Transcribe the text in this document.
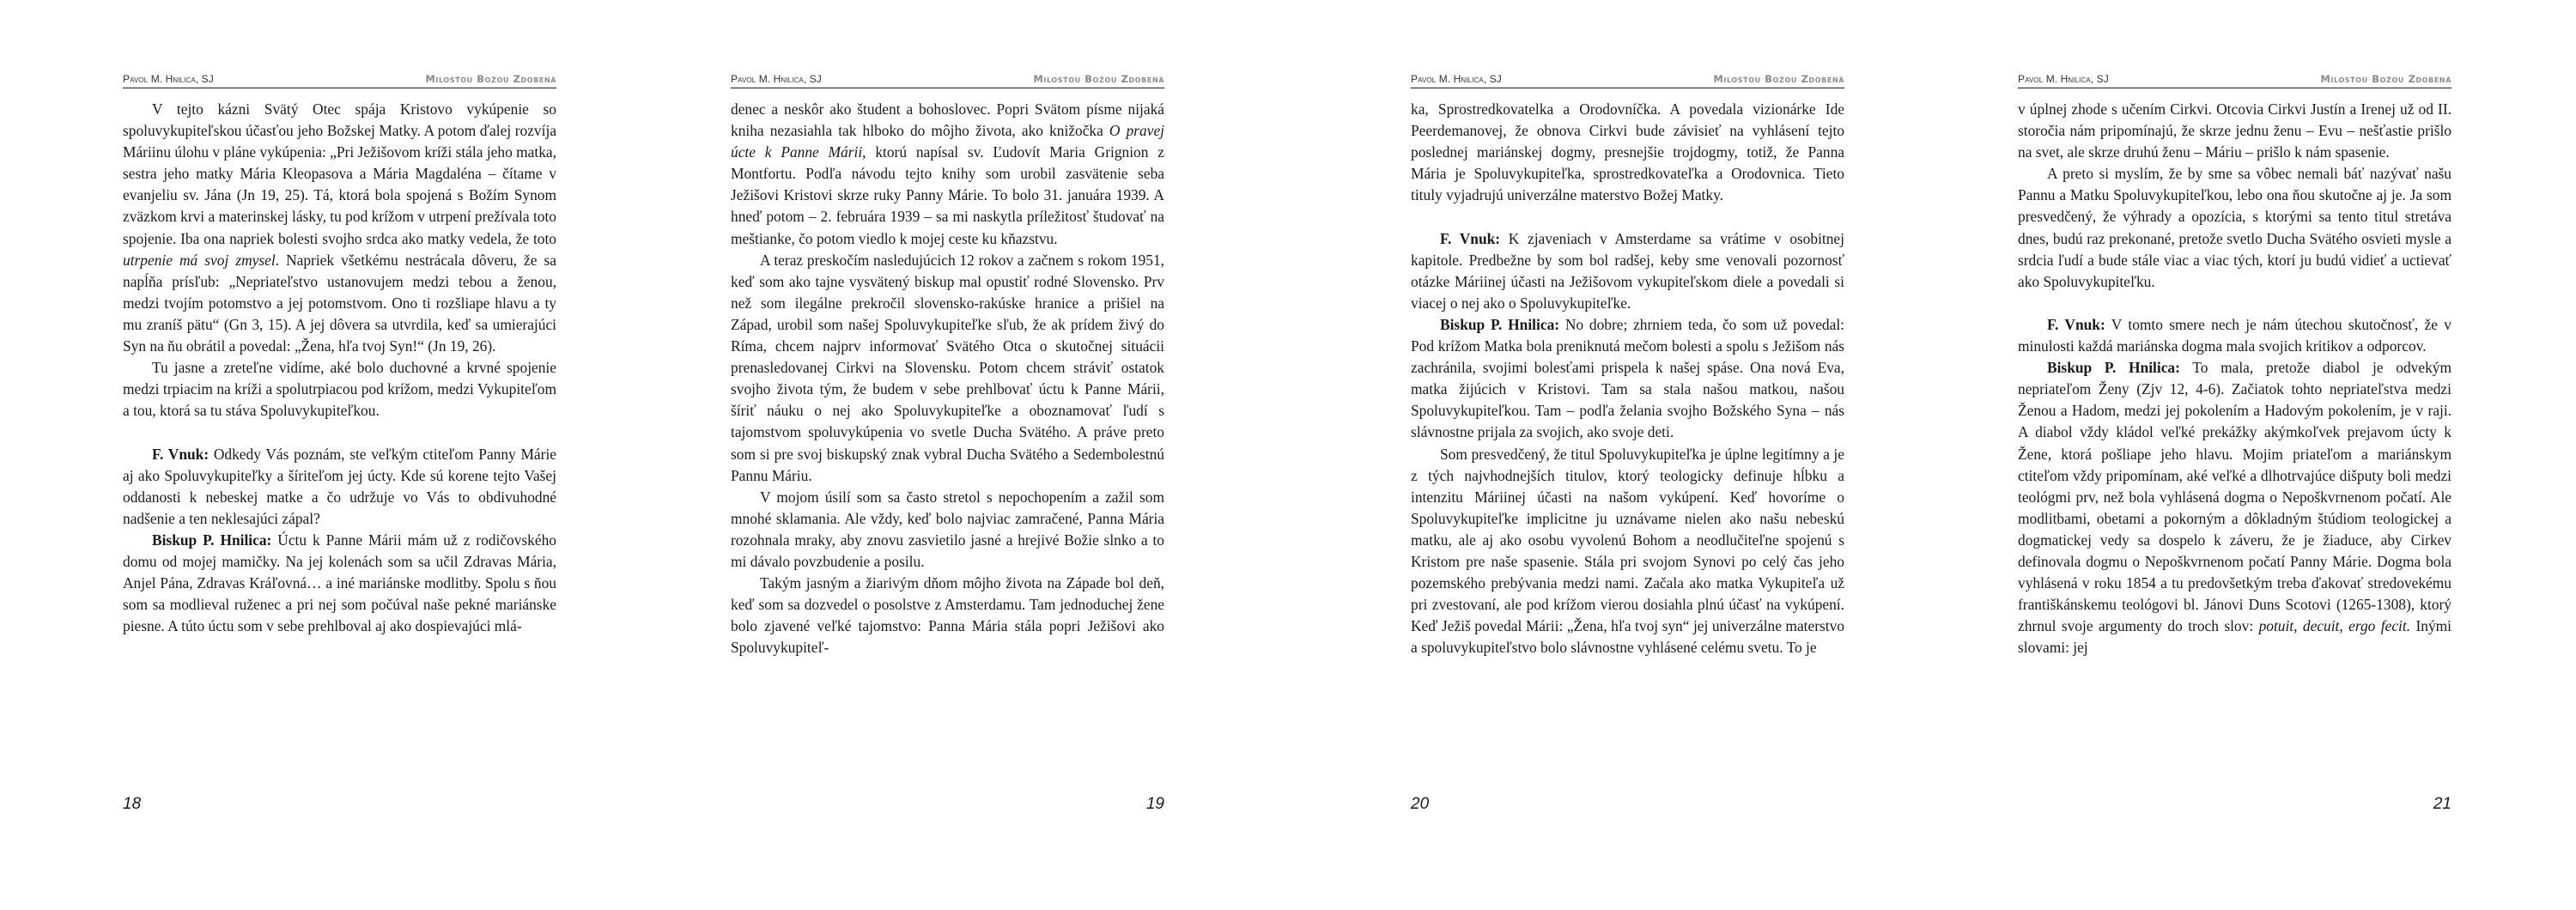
Pavol M. Hnilica, SJ	Milosťou Božou Zdobená

V tejto kázni Svätý Otec spája Kristovo vykúpenie so spoluvykupiteľskou účasťou jeho Božskej Matky. A potom ďalej rozvíja Máriinu úlohu v pláne vykúpenia: „Pri Ježišovom kríži stála jeho matka, sestra jeho matky Mária Kleopasova a Mária Magdaléna – čítame v evanjeliu sv. Jána (Jn 19, 25). Tá, ktorá bola spojená s Božím Synom zväzkom krvi a materinskej lásky, tu pod krížom v utrpení prežívala toto spojenie. Iba ona napriek bolesti svojho srdca ako matky vedela, že toto utrpenie má svoj zmysel. Napriek všetkému nestrácala dôveru, že sa napĺňa prísľub: „Nepriateľstvo ustanovujem medzi tebou a ženou, medzi tvojím potomstvo a jej potomstvom. Ono ti rozšliape hlavu a ty mu zraníš pätu“ (Gn 3, 15). A jej dôvera sa utvrdila, keď sa umierajúci Syn na ňu obrátil a povedal: „Žena, hľa tvoj Syn!“ (Jn 19, 26).

Tu jasne a zreteľne vidíme, aké bolo duchovné a krvné spojenie medzi trpiacim na kríži a spolutrpiacou pod krížom, medzi Vykupiteľom a tou, ktorá sa tu stáva Spoluvykupiteľkou.

F. Vnuk: Odkedy Vás poznám, ste veľkým ctiteľom Panny Márie aj ako Spoluvykupiteľky a šíriteľom jej úcty. Kde sú korene tejto Vašej oddanosti k nebeskej matke a čo udržuje vo Vás to obdivuhodné nadšenie a ten neklesajúci zápal?

Biskup P. Hnilica: Úctu k Panne Márii mám už z rodičovského domu od mojej mamičky. Na jej kolenách som sa učil Zdravas Mária, Anjel Pána, Zdravas Kráľovná… a iné mariánske modlitby. Spolu s ňou som sa modlieval ruženec a pri nej som počúval naše pekné mariánske piesne. A túto úctu som v sebe prehlboval aj ako dospievajúci mlá-

18
Pavol M. Hnilica, SJ	Milosťou Božou Zdobená

denec a neskôr ako študent a bohoslovec. Popri Svätom písme nijaká kniha nezasiahla tak hlboko do môjho života, ako knižočka O pravej úcte k Panne Márii, ktorú napísal sv. Ľudovít Maria Grignion z Montfortu. Podľa návodu tejto knihy som urobil zasvätenie seba Ježišovi Kristovi skrze ruky Panny Márie. To bolo 31. januára 1939. A hneď potom – 2. februára 1939 – sa mi naskytla príležitosť študovať na meštianke, čo potom viedlo k mojej ceste ku kňazstvu.

A teraz preskočím nasledujúcich 12 rokov a začnem s rokom 1951, keď som ako tajne vysvätený biskup mal opustiť rodné Slovensko. Prv než som ilegálne prekročil slovensko-rakúske hranice a prišiel na Západ, urobil som našej Spoluvykupiteľke sľub, že ak prídem živý do Ríma, chcem najprv informovať Svätého Otca o skutočnej situácii prenasledovanej Cirkvi na Slovensku. Potom chcem stráviť ostatok svojho života tým, že budem v sebe prehlbovať úctu k Panne Márii, šíriť náuku o nej ako Spoluvykupiteľke a oboznamovať ľudí s tajomstvom spoluvykúpenia vo svetle Ducha Svätého. A práve preto som si pre svoj biskupský znak vybral Ducha Svätého a Sedembolestnú Pannu Máriu.

V mojom úsilí som sa často stretol s nepochopením a zažil som mnohé sklamania. Ale vždy, keď bolo najviac zamračené, Panna Mária rozohnala mraky, aby znovu zasvietilo jasné a hrejivé Božie slnko a to mi dávalo povzbudenie a posilu.

Takým jasným a žiarivým dňom môjho života na Západe bol deň, keď som sa dozvedel o posolstve z Amsterdamu. Tam jednoduchej žene bolo zjavené veľké tajomstvo: Panna Mária stála popri Ježišovi ako Spoluvykupiteľ-

19
Pavol M. Hnilica, SJ	Milosťou Božou Zdobená

ka, Sprostredkovatelka a Orodovníčka. A povedala vizionárke Ide Peerdemanovej, že obnova Cirkvi bude závisieť na vyhlásení tejto poslednej mariánskej dogmy, presnejšie trojdogmy, totiž, že Panna Mária je Spoluvykupiteľka, sprostredkovateľka a Orodovnica. Tieto tituly vyjadrujú univerzálne materstvo Božej Matky.

F. Vnuk: K zjaveniach v Amsterdame sa vrátime v osobitnej kapitole. Predbežne by som bol radšej, keby sme venovali pozornosť otázke Máriinej účasti na Ježišovom vykupiteľskom diele a povedali si viacej o nej ako o Spoluvykupiteľke.

Biskup P. Hnilica: No dobre; zhrniem teda, čo som už povedal: Pod krížom Matka bola preniknutá mečom bolesti a spolu s Ježišom nás zachránila, svojimi bolesťami prispela k našej spáse. Ona nová Eva, matka žijúcich v Kristovi. Tam sa stala našou matkou, našou Spoluvykupiteľkou. Tam – podľa želania svojho Božského Syna – nás slávnostne prijala za svojich, ako svoje deti.

Som presvedčený, že titul Spoluvykupiteľka je úplne legitímny a je z tých najvhodnejších titulov, ktorý teologicky definuje hĺbku a intenzitu Máriinej účasti na našom vykúpení. Keď hovoríme o Spoluvykupiteľke implicitne ju uznávame nielen ako našu nebeskú matku, ale aj ako osobu vyvolenú Bohom a neodlučiteľne spojenú s Kristom pre naše spasenie. Stála pri svojom Synovi po celý čas jeho pozemského prebývania medzi nami. Začala ako matka Vykupiteľa už pri zvestovaní, ale pod krížom vierou dosiahla plnú účasť na vykúpení. Keď Ježiš povedal Márii: „Žena, hľa tvoj syn“ jej univerzálne materstvo a spoluvykupiteľstvo bolo slávnostne vyhlásené celému svetu. To je

20
Pavol M. Hnilica, SJ	Milosťou Božou Zdobená

v úplnej zhode s učením Cirkvi. Otcovia Cirkvi Justín a Irenej už od II. storočia nám pripomínajú, že skrze jednu ženu – Evu – nešťastie prišlo na svet, ale skrze druhú ženu – Máriu – prišlo k nám spasenie.

A preto si myslím, že by sme sa vôbec nemali báť nazývať našu Pannu a Matku Spoluvykupiteľkou, lebo ona ňou skutočne aj je. Ja som presvedčený, že výhrady a opozícia, s ktorými sa tento titul stretáva dnes, budú raz prekonané, pretože svetlo Ducha Svätého osvieti mysle a srdcia ľudí a bude stále viac a viac tých, ktorí ju budú vidieť a uctievať ako Spoluvykupiteľku.

F. Vnuk: V tomto smere nech je nám útechou skutočnosť, že v minulosti každá mariánska dogma mala svojich kritikov a odporcov.

Biskup P. Hnilica: To mala, pretože diabol je odvekým nepriateľom Ženy (Zjv 12, 4-6). Začiatok tohto nepriateľstva medzi Ženou a Hadom, medzi jej pokolením a Hadovým pokolením, je v raji. A diabol vždy kládol veľké prekážky akýmkoľvek prejavom úcty k Žene, ktorá pošliape jeho hlavu. Mojim priateľom a mariánskym ctiteľom vždy pripomínam, aké veľké a dlhotrvajúce dišputy boli medzi teológmi prv, než bola vyhlásená dogma o Nepoškvrnenom počatí. Ale modlitbami, obetami a pokorným a dôkladným štúdiom teologickej a dogmatickej vedy sa dospelo k záveru, že je žiaduce, aby Cirkev definovala dogmu o Nepoškvrnenom počatí Panny Márie. Dogma bola vyhlásená v roku 1854 a tu predovšetkým treba ďakovať stredovekému františkánskemu teológovi bl. Jánovi Duns Scotovi (1265-1308), ktorý zhrnul svoje argumenty do troch slov: potuit, decuit, ergo fecit. Inými slovami: jej

21
